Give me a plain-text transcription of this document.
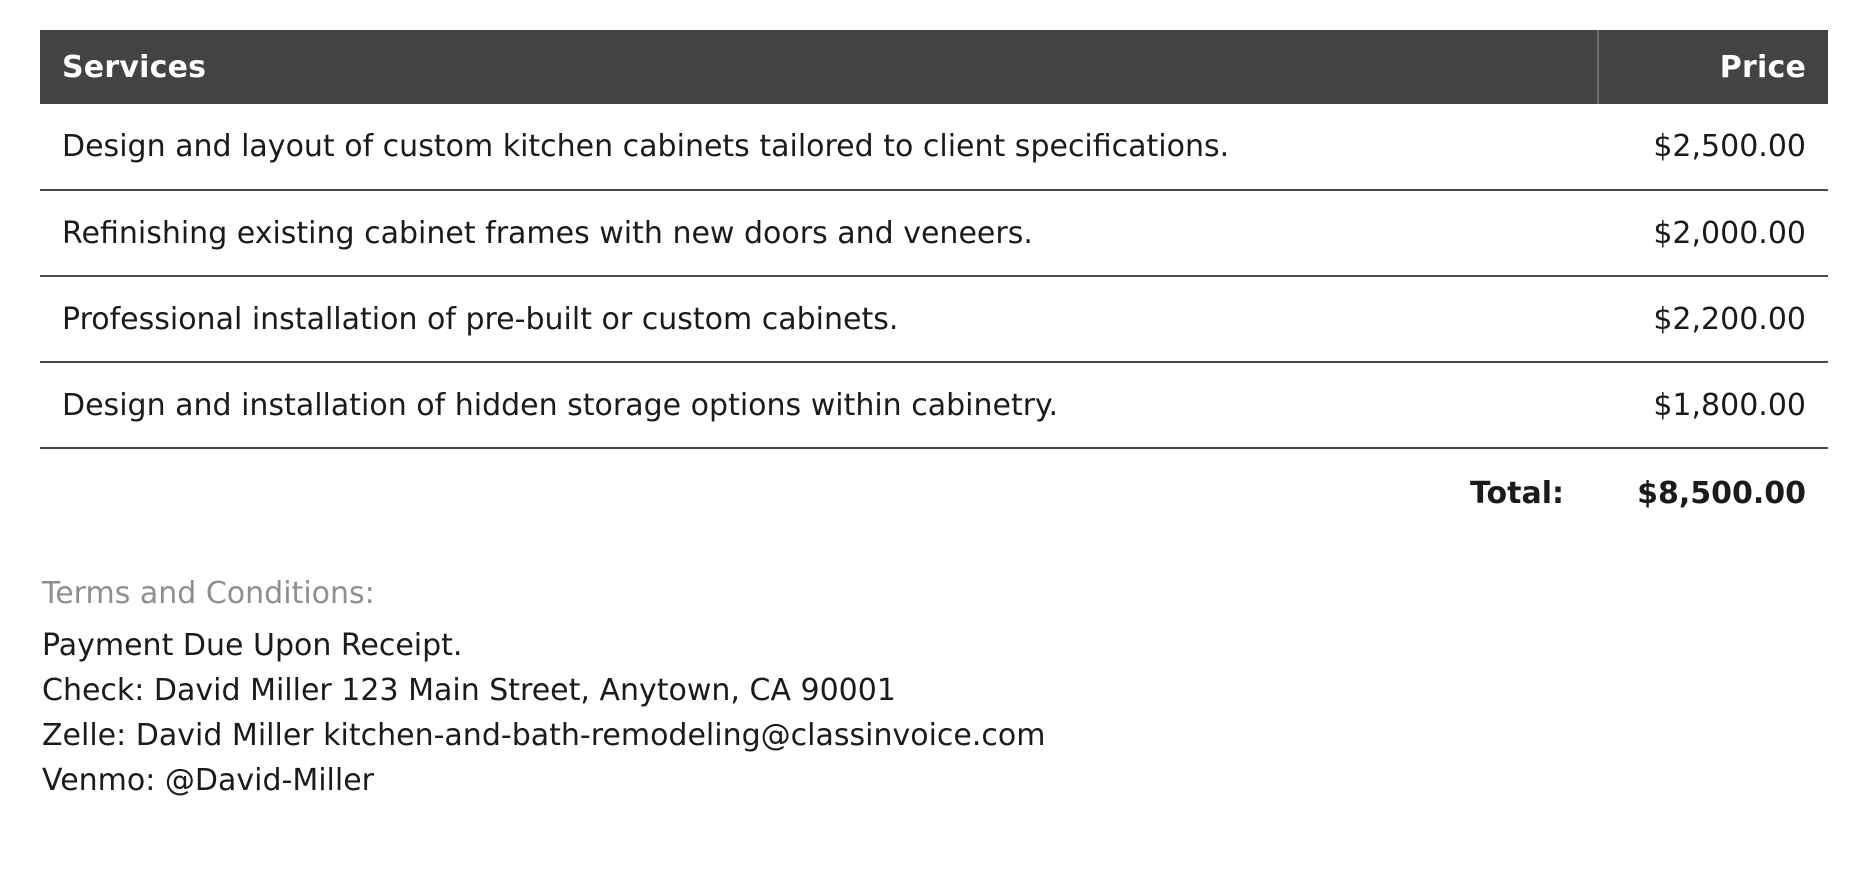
Services	Price
Design and layout of custom kitchen cabinets tailored to client specifications.	$2,500.00
Refinishing existing cabinet frames with new doors and veneers.	$2,000.00
Professional installation of pre-built or custom cabinets.	$2,200.00
Design and installation of hidden storage options within cabinetry.	$1,800.00
Total:	$8,500.00
Terms and Conditions:
Payment Due Upon Receipt.
Check: David Miller 123 Main Street, Anytown, CA 90001
Zelle: David Miller kitchen-and-bath-remodeling@classinvoice.com
Venmo: @David-Miller
